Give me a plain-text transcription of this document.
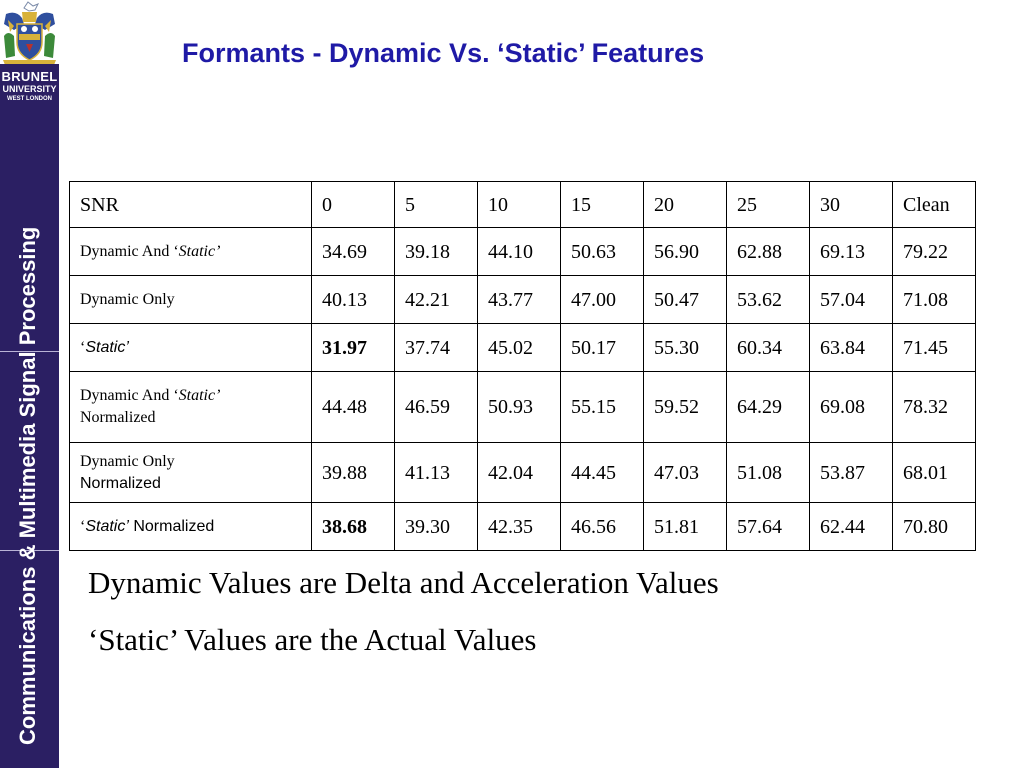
BRUNEL
UNIVERSITY
WEST LONDON
Communications & Multimedia Signal Processing
Formants - Dynamic Vs. ‘Static’ Features
SNR	0	5	10	15	20	25	30	Clean
Dynamic And ‘Static’	34.69	39.18	44.10	50.63	56.90	62.88	69.13	79.22
Dynamic Only	40.13	42.21	43.77	47.00	50.47	53.62	57.04	71.08
‘Static’	31.97	37.74	45.02	50.17	55.30	60.34	63.84	71.45
Dynamic And ‘Static’
Normalized	44.48	46.59	50.93	55.15	59.52	64.29	69.08	78.32
Dynamic Only
Normalized	39.88	41.13	42.04	44.45	47.03	51.08	53.87	68.01
‘Static’ Normalized	38.68	39.30	42.35	46.56	51.81	57.64	62.44	70.80
Dynamic Values are Delta and Acceleration Values
‘Static’ Values are the Actual Values
